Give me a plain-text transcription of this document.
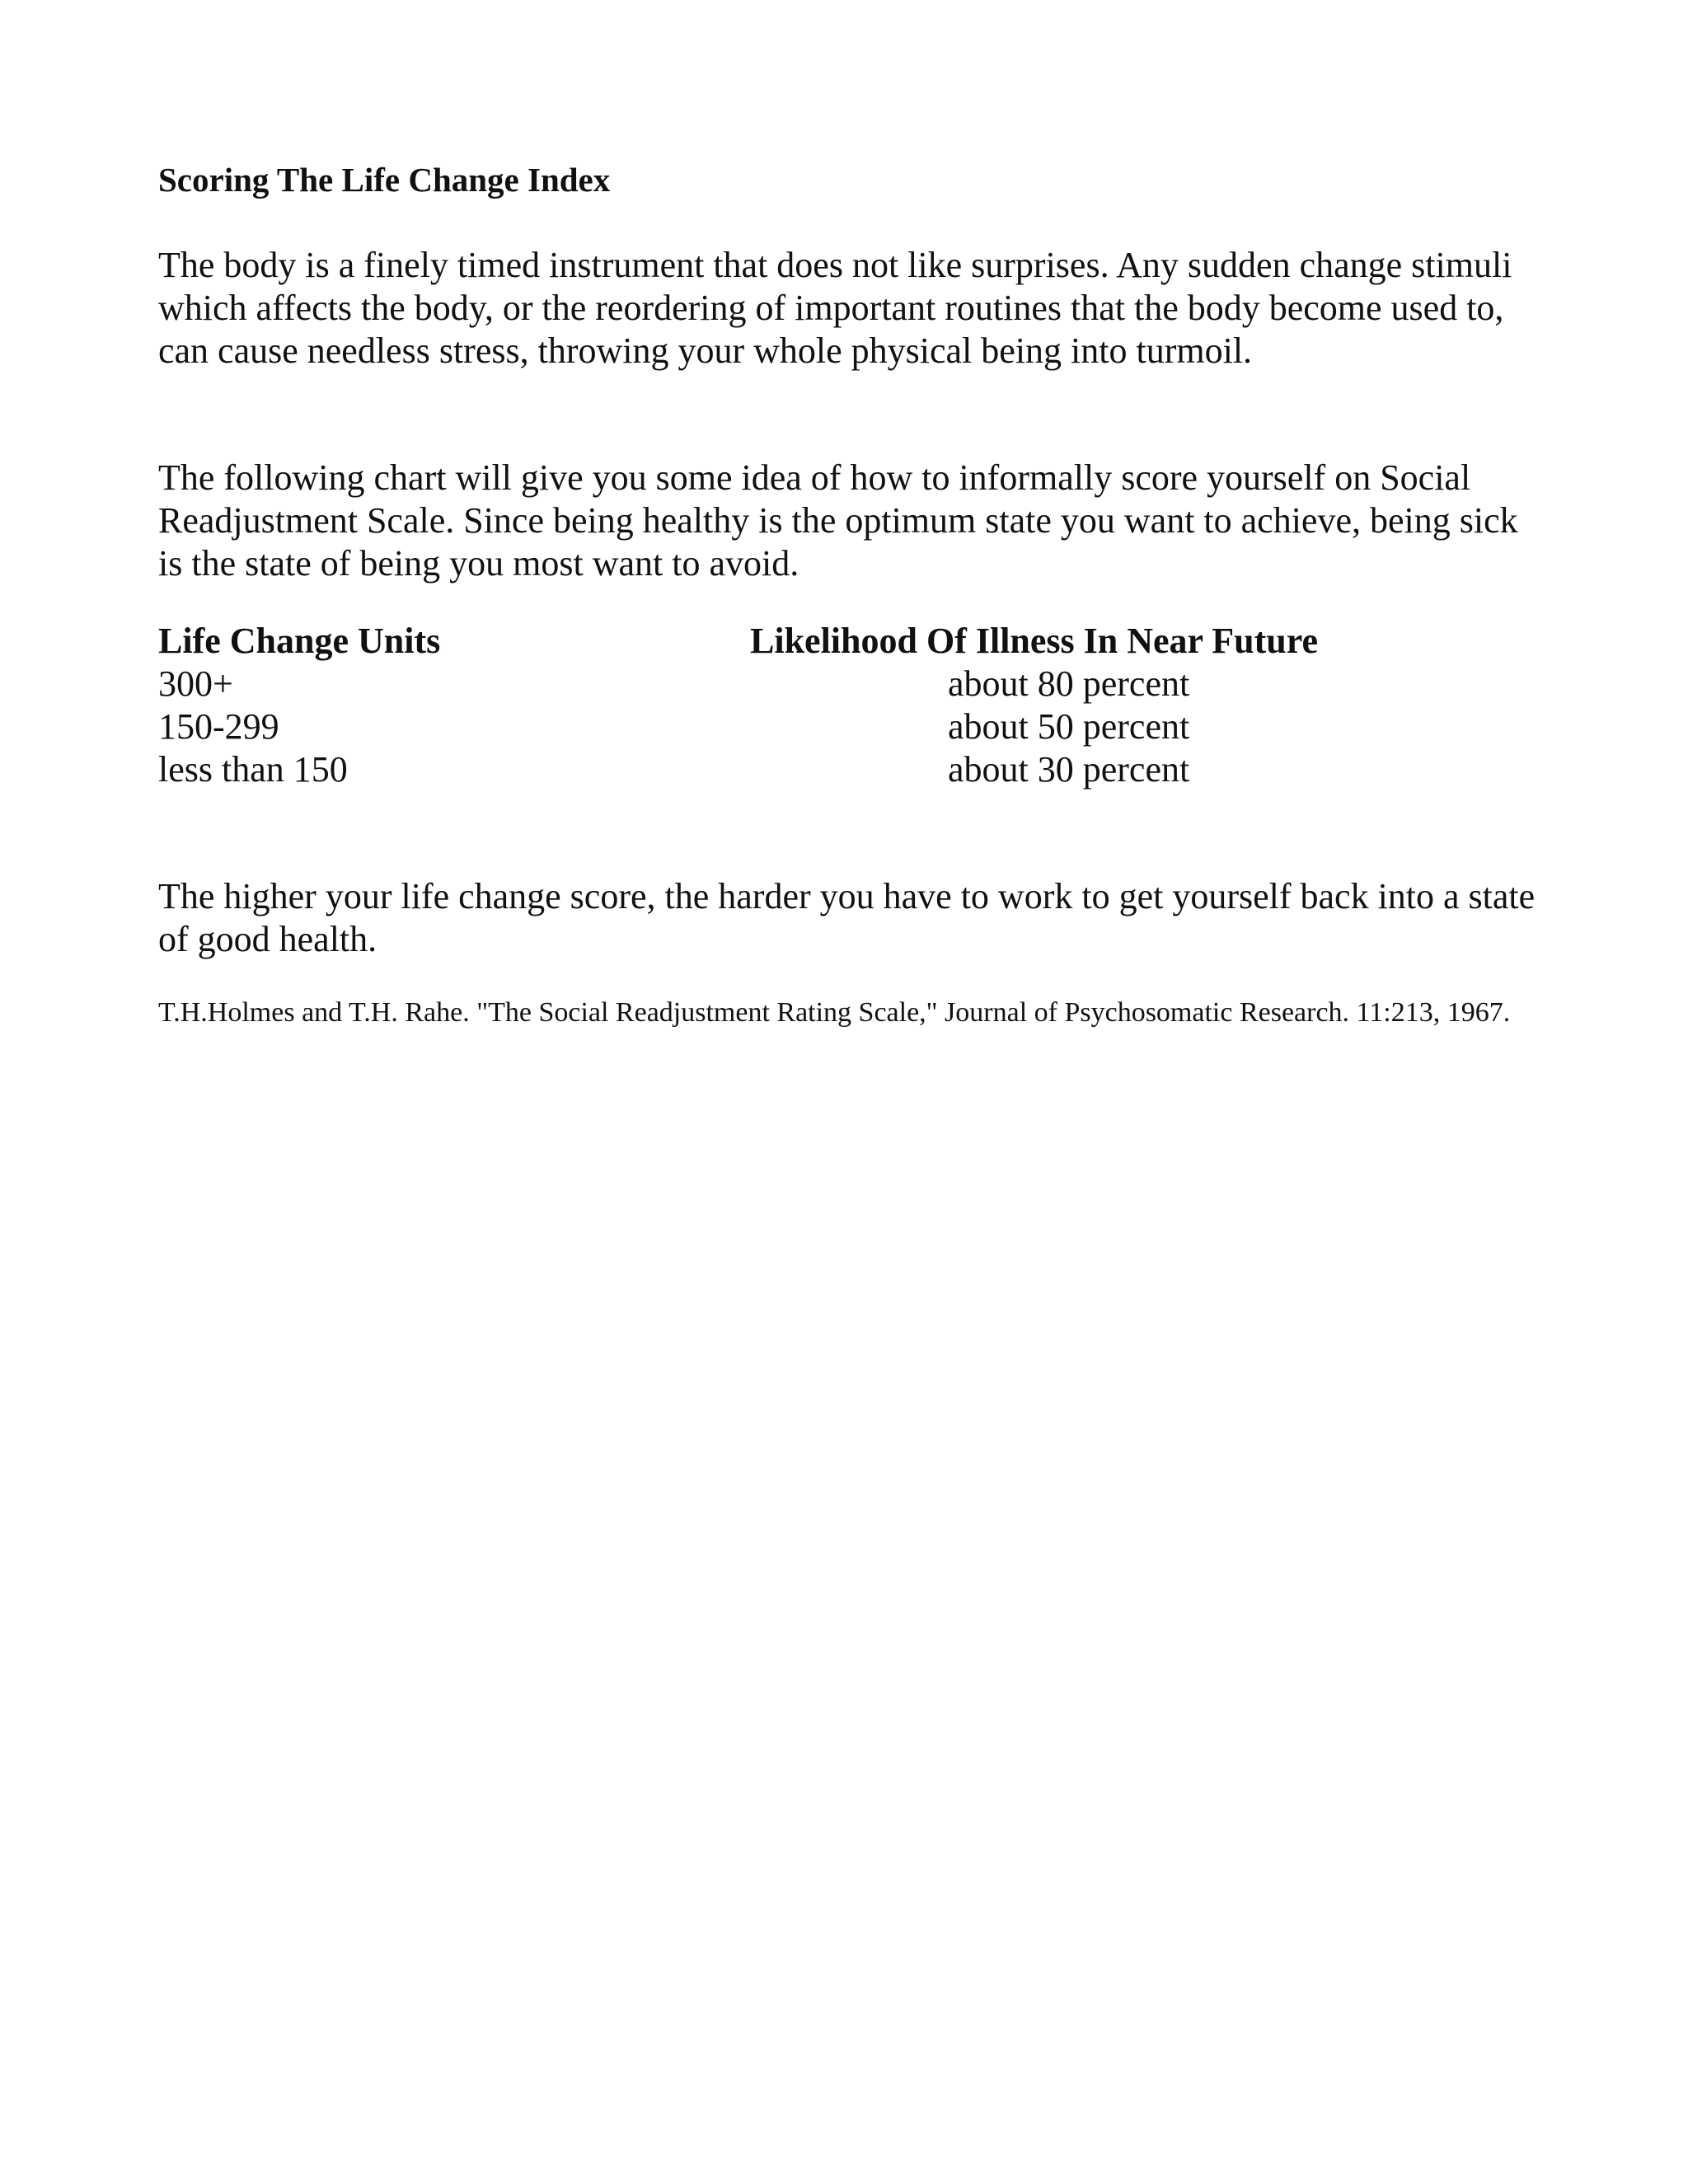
Scoring The Life Change Index
The body is a finely timed instrument that does not like surprises. Any sudden change stimuli which affects the body, or the reordering of important routines that the body become used to, can cause needless stress, throwing your whole physical being into turmoil.
The following chart will give you some idea of how to informally score yourself on Social Readjustment Scale. Since being healthy is the optimum state you want to achieve, being sick is the state of being you most want to avoid.
Life Change Units	Likelihood Of Illness In Near Future
300+	about 80 percent
150-299	about 50 percent
less than 150	about 30 percent
The higher your life change score, the harder you have to work to get yourself back into a state of good health.
T.H.Holmes and T.H. Rahe. "The Social Readjustment Rating Scale," Journal of Psychosomatic Research. 11:213, 1967.
